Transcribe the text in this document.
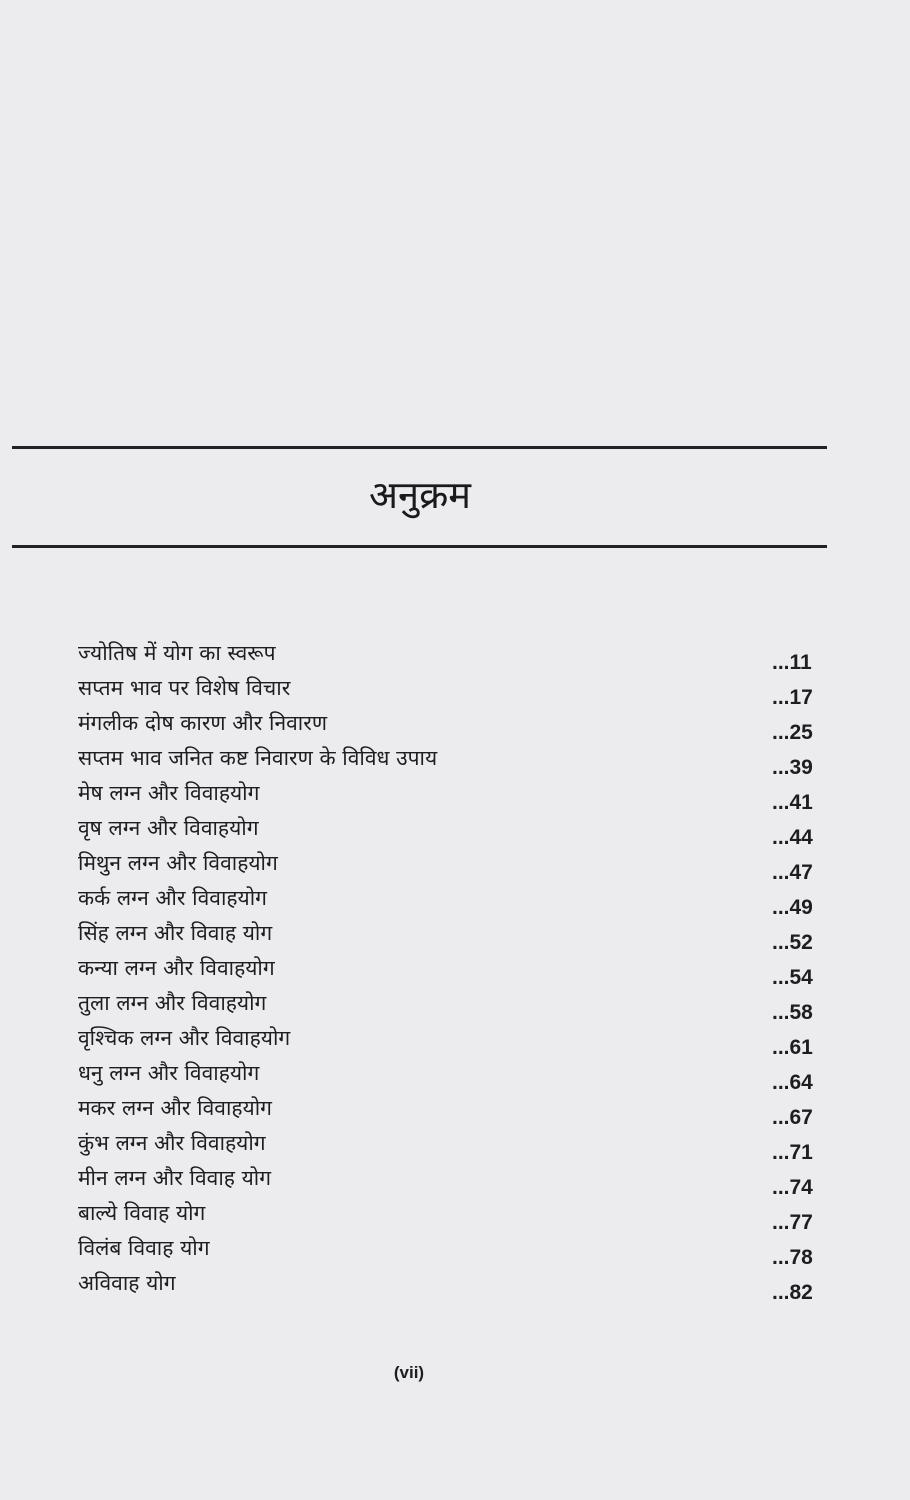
अनुक्रम
ज्योतिष में योग का स्वरूप	...11
सप्तम भाव पर विशेष विचार	...17
मंगलीक दोष कारण और निवारण	...25
सप्तम भाव जनित कष्ट निवारण के विविध उपाय	...39
मेष लग्न और विवाहयोग	...41
वृष लग्न और विवाहयोग	...44
मिथुन लग्न और विवाहयोग	...47
कर्क लग्न और विवाहयोग	...49
सिंह लग्न और विवाह योग	...52
कन्या लग्न और विवाहयोग	...54
तुला लग्न और विवाहयोग	...58
वृश्चिक लग्न और विवाहयोग	...61
धनु लग्न और विवाहयोग	...64
मकर लग्न और विवाहयोग	...67
कुंभ लग्न और विवाहयोग	...71
मीन लग्न और विवाह योग	...74
बाल्ये विवाह योग	...77
विलंब विवाह योग	...78
अविवाह योग	...82
(vii)
